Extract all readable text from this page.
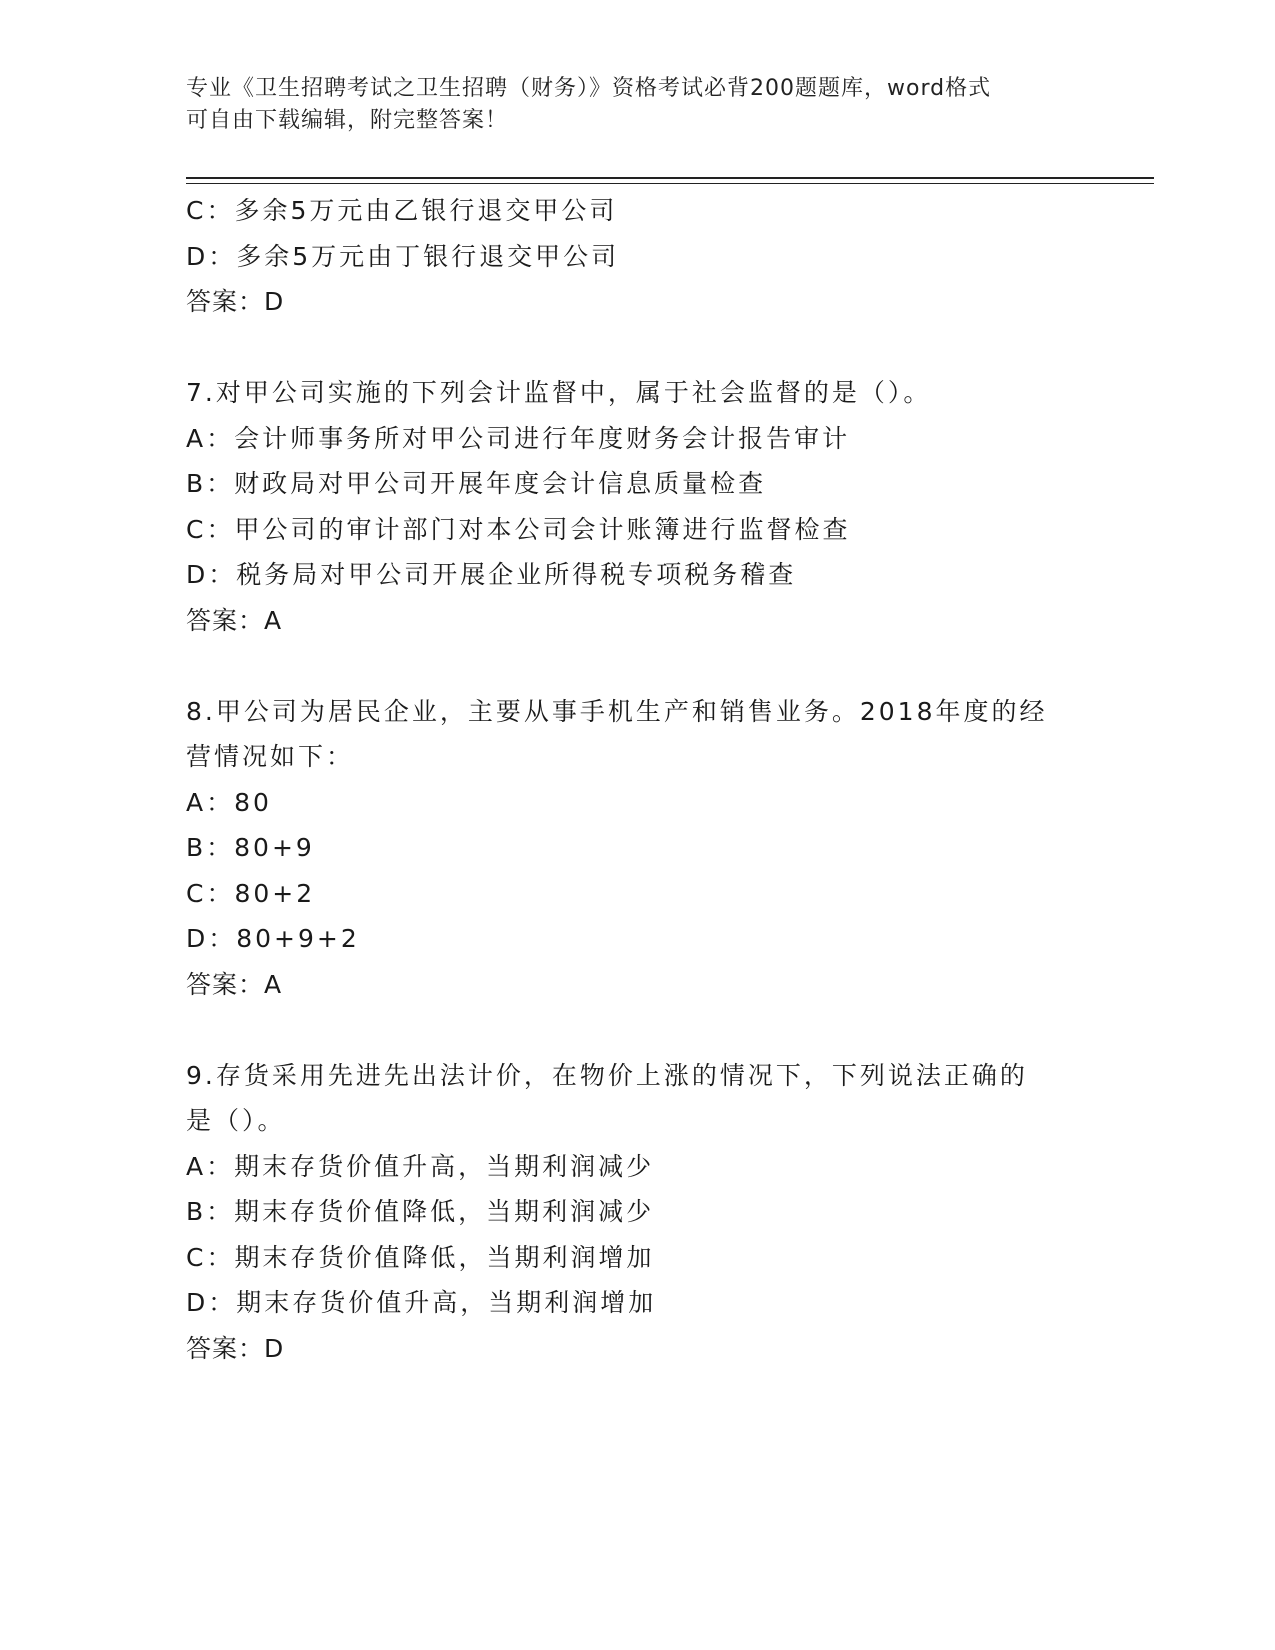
专业《卫生招聘考试之卫生招聘（财务）》资格考试必背200题题库，word格式
可自由下载编辑，附完整答案！
C：多余5万元由乙银行退交甲公司
D：多余5万元由丁银行退交甲公司
答案：D
7.对甲公司实施的下列会计监督中，属于社会监督的是（）。
A：会计师事务所对甲公司进行年度财务会计报告审计
B：财政局对甲公司开展年度会计信息质量检查
C：甲公司的审计部门对本公司会计账簿进行监督检查
D：税务局对甲公司开展企业所得税专项税务稽查
答案：A
8.甲公司为居民企业，主要从事手机生产和销售业务。2018年度的经
营情况如下：
A：80
B：80+9
C：80+2
D：80+9+2
答案：A
9.存货采用先进先出法计价，在物价上涨的情况下，下列说法正确的
是（）。
A：期末存货价值升高，当期利润减少
B：期末存货价值降低，当期利润减少
C：期末存货价值降低，当期利润增加
D：期末存货价值升高，当期利润增加
答案：D
